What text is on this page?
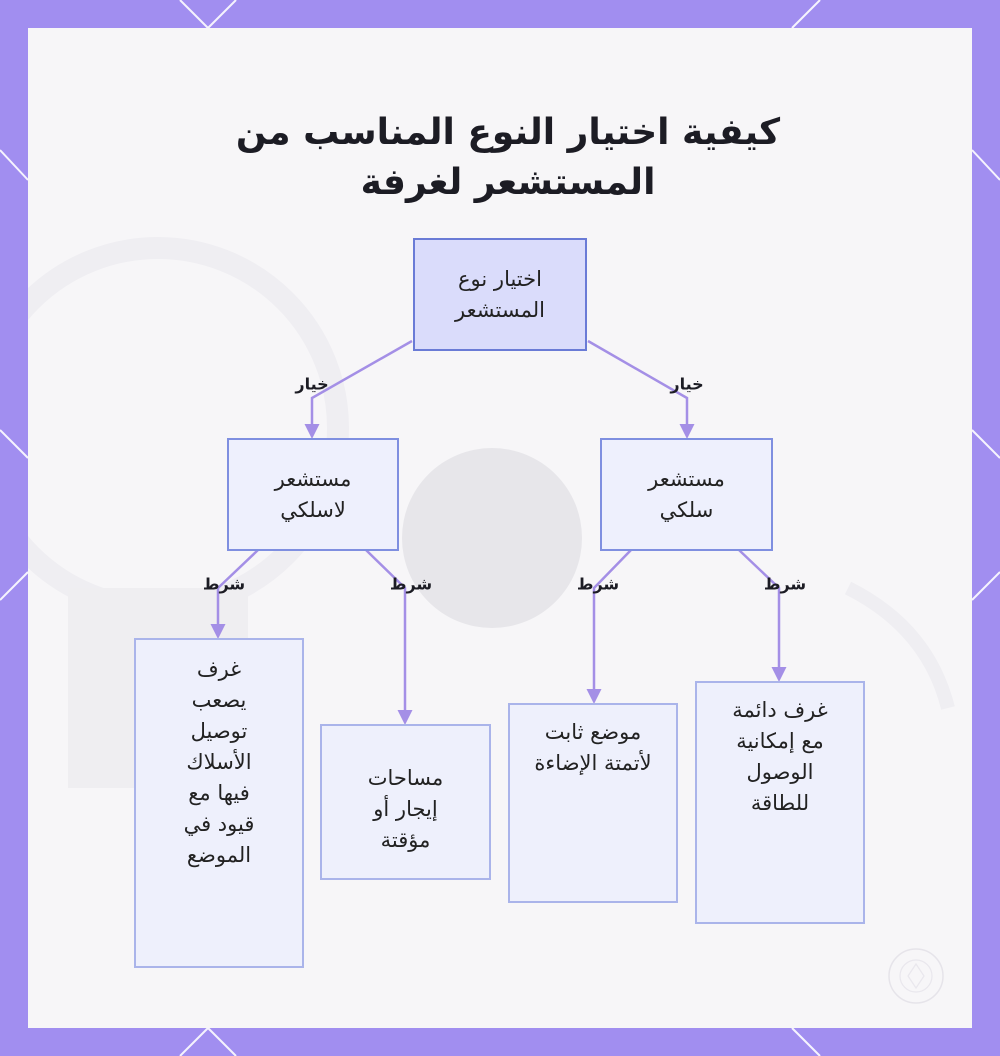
كيفية اختيار النوع المناسب من المستشعر لغرفة
خيار	خيار
شرط	شرط	شرط	شرط
اختيار نوع المستشعر
مستشعر لاسلكي
مستشعر سلكي
غرف يصعب توصيل الأسلاك فيها مع قيود في الموضع
مساحات إيجار أو مؤقتة
موضع ثابت لأتمتة الإضاءة
غرف دائمة مع إمكانية الوصول للطاقة
